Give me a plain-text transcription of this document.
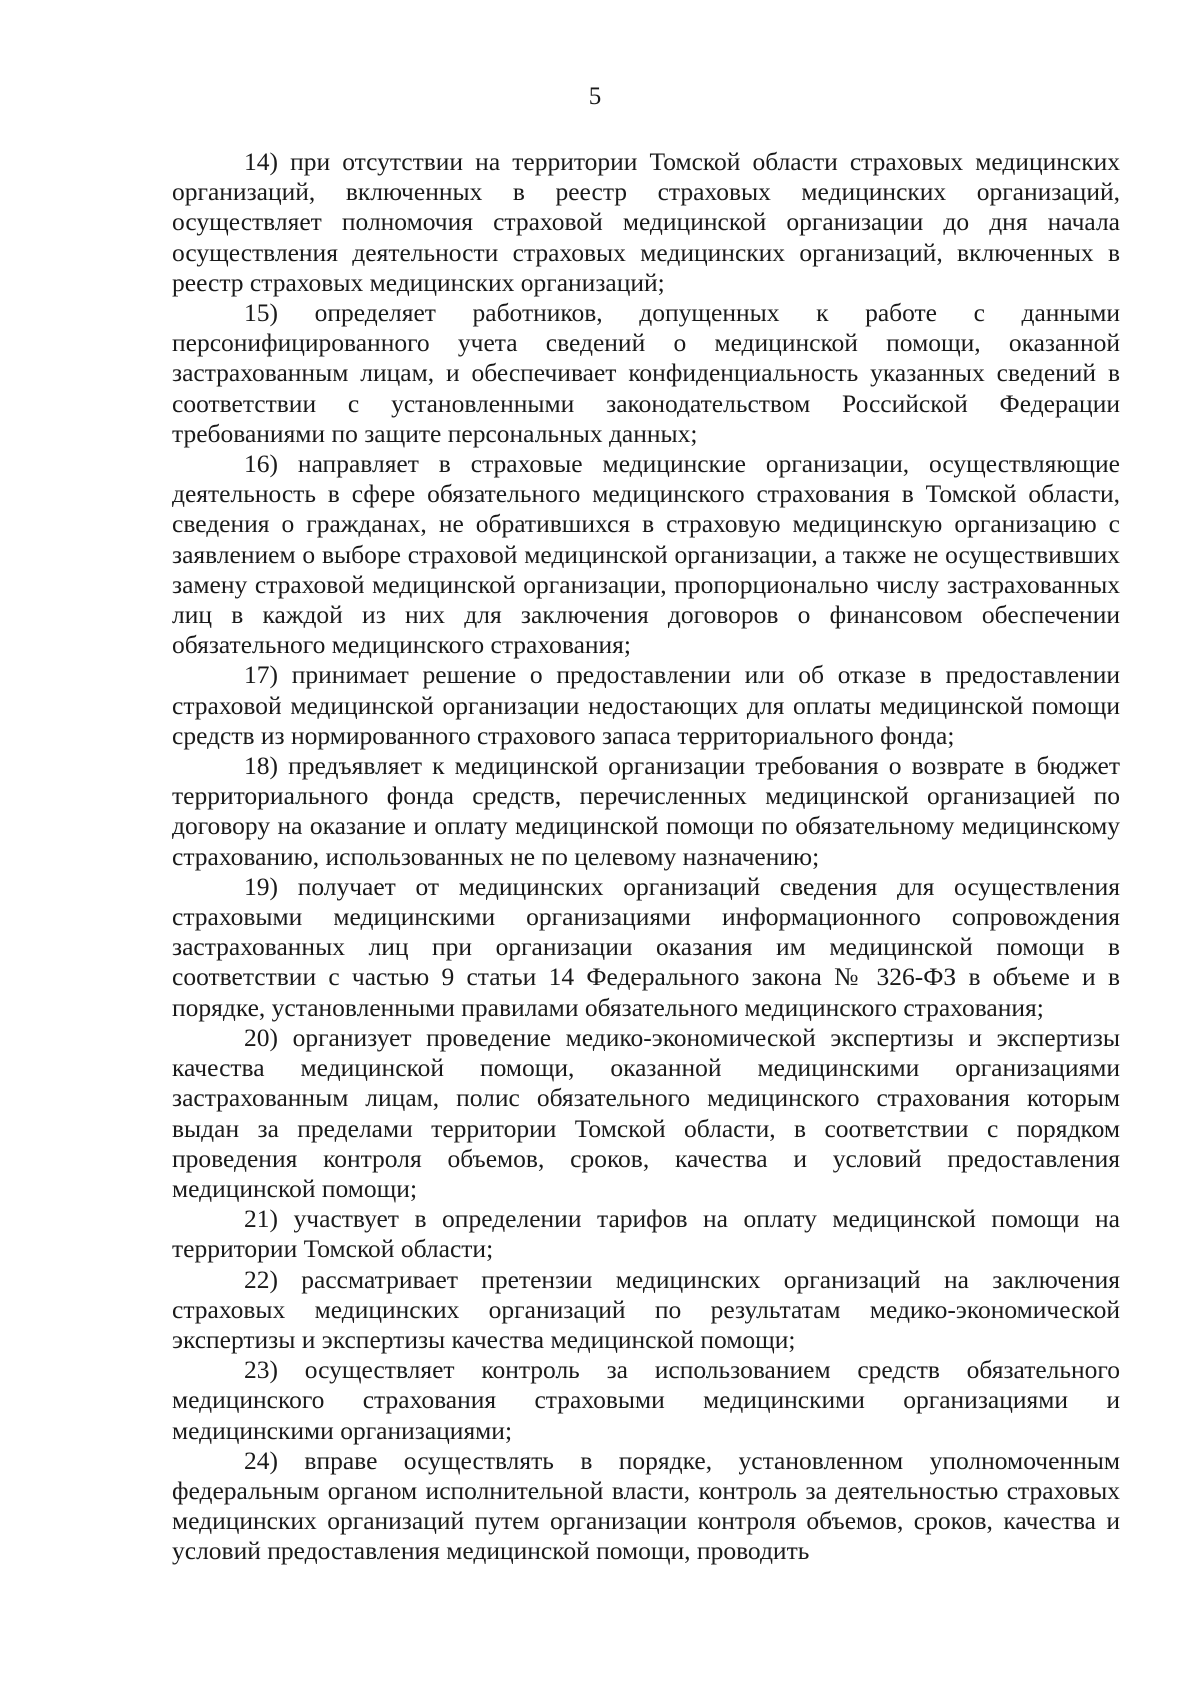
5

14) при отсутствии на территории Томской области страховых медицинских организаций, включенных в реестр страховых медицинских организаций, осуществляет полномочия страховой медицинской организации до дня начала осуществления деятельности страховых медицинских организаций, включенных в реестр страховых медицинских организаций;

15) определяет работников, допущенных к работе с данными персонифицированного учета сведений о медицинской помощи, оказанной застрахованным лицам, и обеспечивает конфиденциальность указанных сведений в соответствии с установленными законодательством Российской Федерации требованиями по защите персональных данных;

16) направляет в страховые медицинские организации, осуществляющие деятельность в сфере обязательного медицинского страхования в Томской области, сведения о гражданах, не обратившихся в страховую медицинскую организацию с заявлением о выборе страховой медицинской организации, а также не осуществивших замену страховой медицинской организации, пропорционально числу застрахованных лиц в каждой из них для заключения договоров о финансовом обеспечении обязательного медицинского страхования;

17) принимает решение о предоставлении или об отказе в предоставлении страховой медицинской организации недостающих для оплаты медицинской помощи средств из нормированного страхового запаса территориального фонда;

18) предъявляет к медицинской организации требования о возврате в бюджет территориального фонда средств, перечисленных медицинской организацией по договору на оказание и оплату медицинской помощи по обязательному медицинскому страхованию, использованных не по целевому назначению;

19) получает от медицинских организаций сведения для осуществления страховыми медицинскими организациями информационного сопровождения застрахованных лиц при организации оказания им медицинской помощи в соответствии с частью 9 статьи 14 Федерального закона № 326-ФЗ в объеме и в порядке, установленными правилами обязательного медицинского страхования;

20) организует проведение медико-экономической экспертизы и экспертизы качества медицинской помощи, оказанной медицинскими организациями застрахованным лицам, полис обязательного медицинского страхования которым выдан за пределами территории Томской области, в соответствии с порядком проведения контроля объемов, сроков, качества и условий предоставления медицинской помощи;

21) участвует в определении тарифов на оплату медицинской помощи на территории Томской области;

22) рассматривает претензии медицинских организаций на заключения страховых медицинских организаций по результатам медико-экономической экспертизы и экспертизы качества медицинской помощи;

23) осуществляет контроль за использованием средств обязательного медицинского страхования страховыми медицинскими организациями и медицинскими организациями;

24) вправе осуществлять в порядке, установленном уполномоченным федеральным органом исполнительной власти, контроль за деятельностью страховых медицинских организаций путем организации контроля объемов, сроков, качества и условий предоставления медицинской помощи, проводить
